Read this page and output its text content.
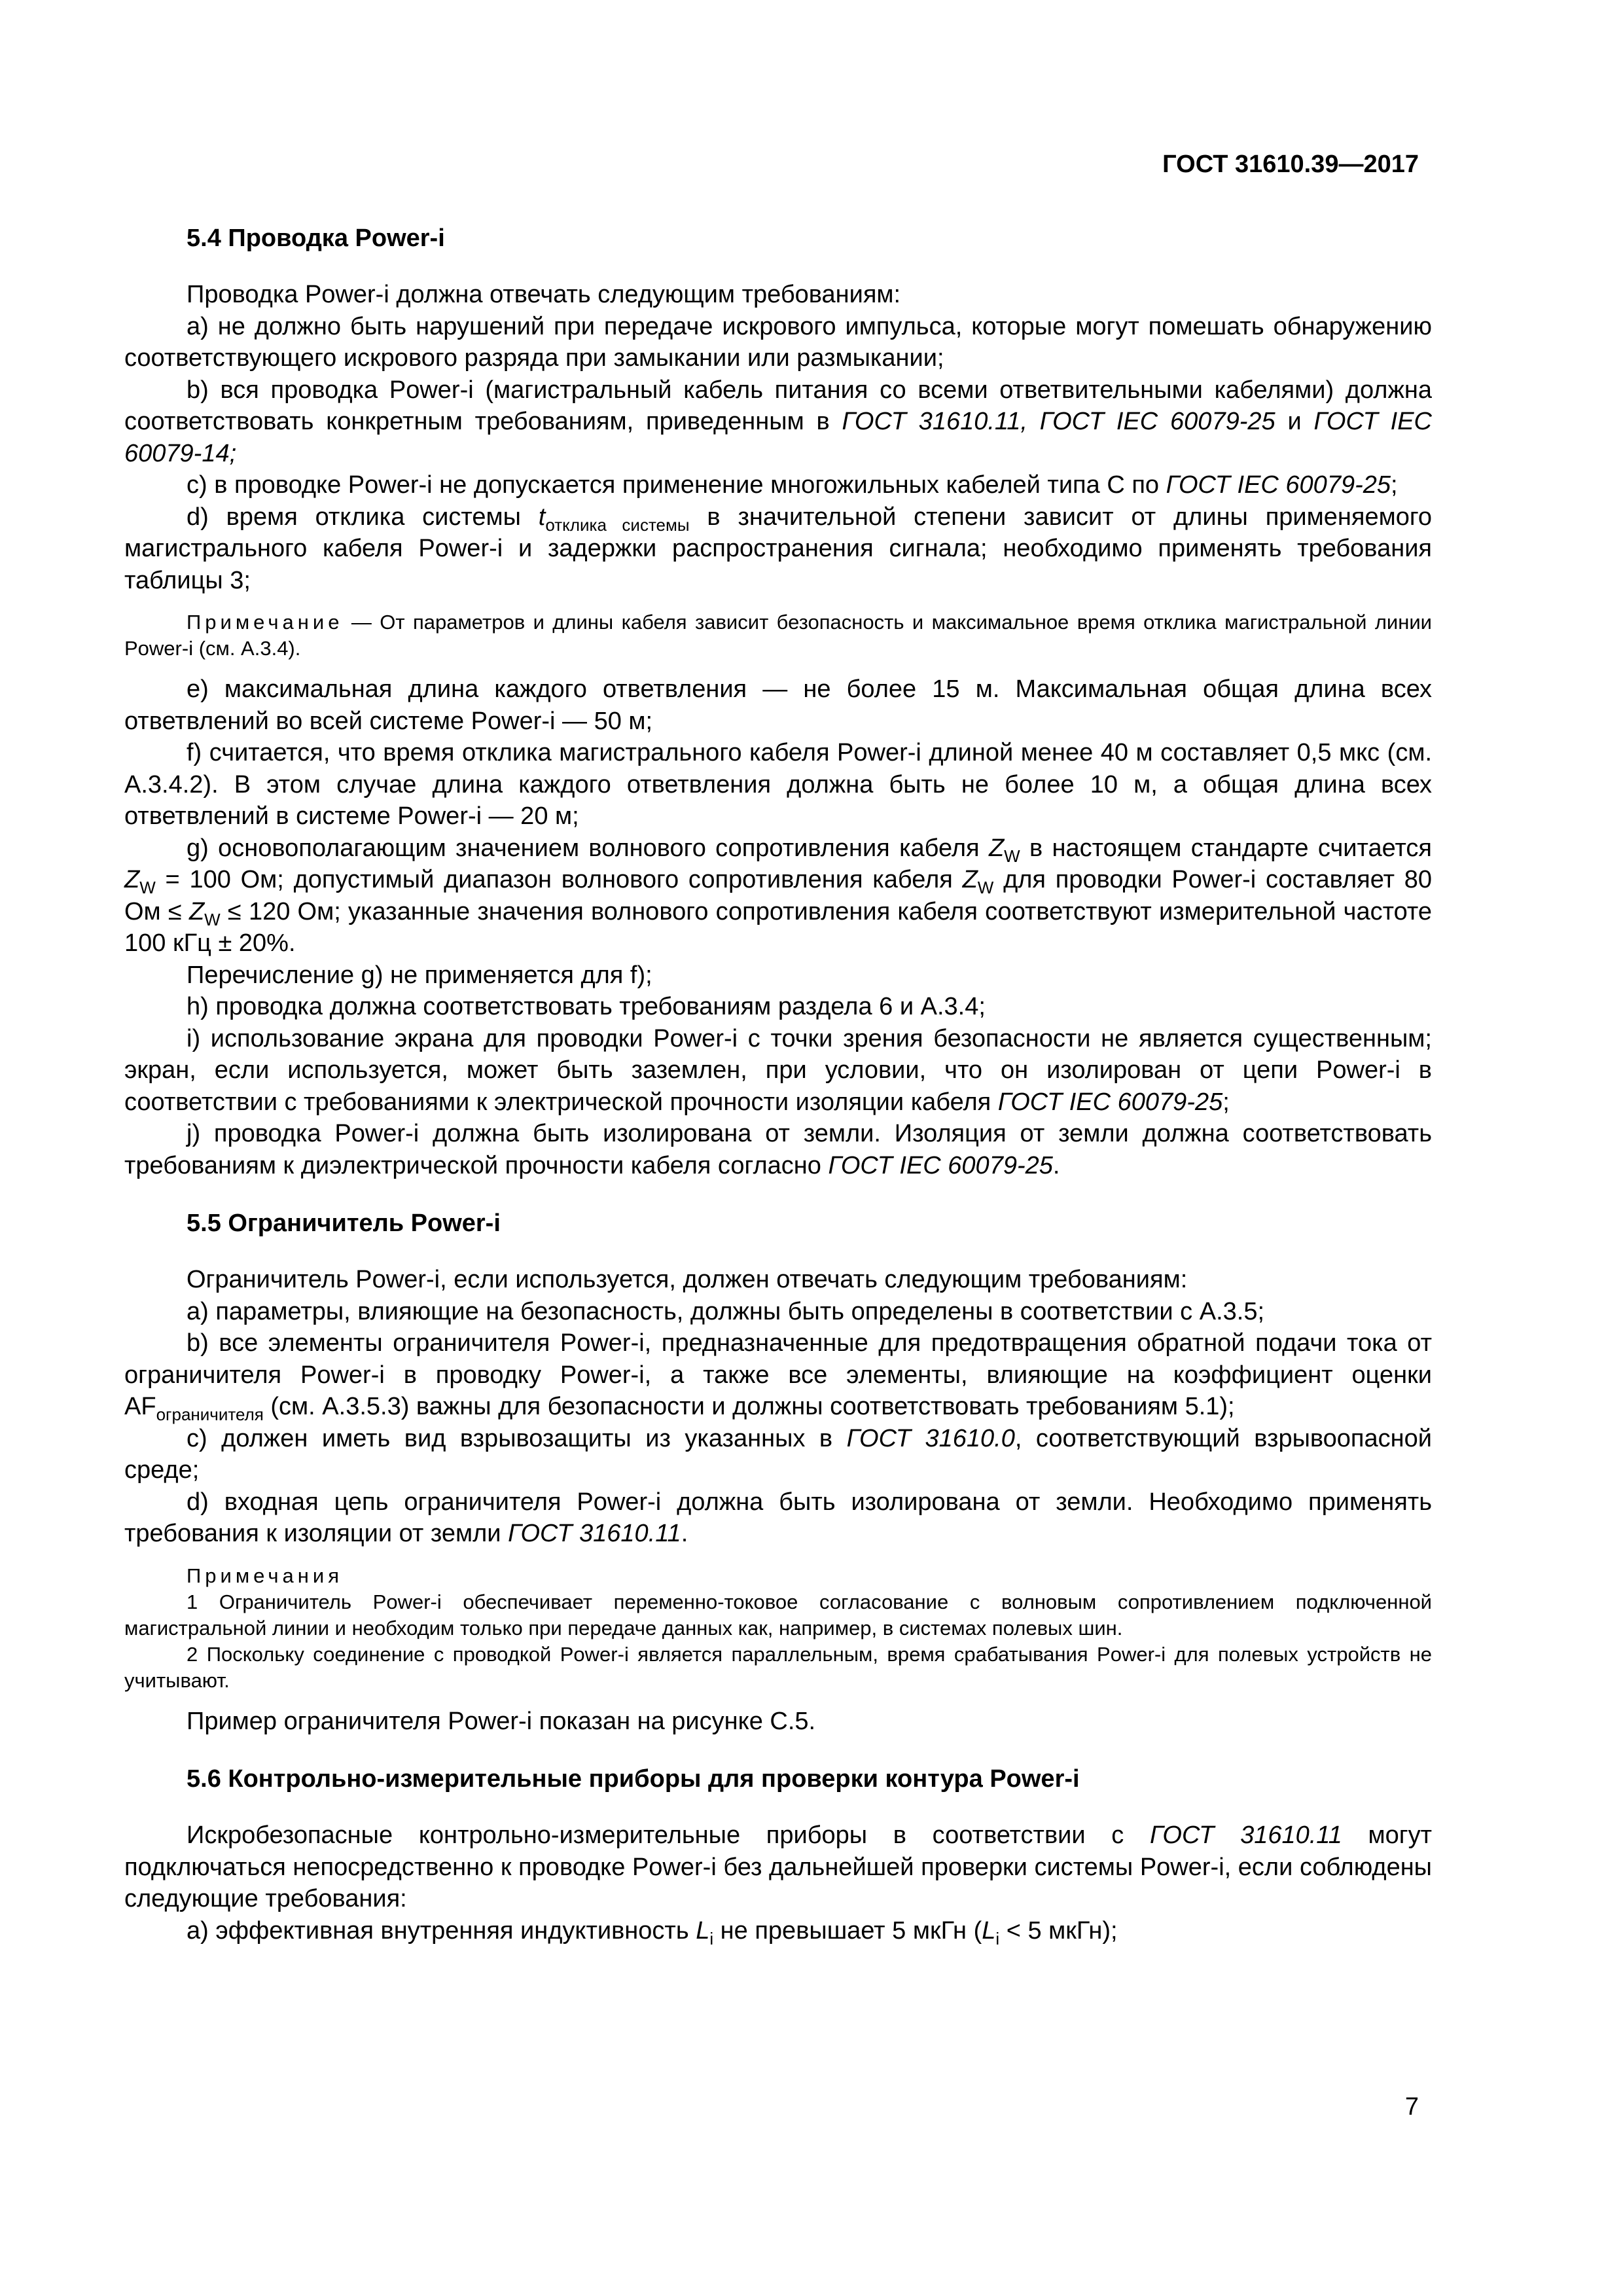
ГОСТ 31610.39—2017
5.4 Проводка Power-i

Проводка Power-i должна отвечать следующим требованиям:

а) не должно быть нарушений при передаче искрового импульса, которые могут помешать обнаружению соответствующего искрового разряда при замыкании или размыкании;

b) вся проводка Power-i (магистральный кабель питания со всеми ответвительными кабелями) должна соответствовать конкретным требованиям, приведенным в ГОСТ 31610.11, ГОСТ IEC 60079-25 и ГОСТ IEC 60079-14;

c) в проводке Power-i не допускается применение многожильных кабелей типа С по ГОСТ IEC 60079-25;

d) время отклика системы $t_{отклика системы}$ в значительной степени зависит от длины применяемого магистрального кабеля Power-i и задержки распространения сигнала; необходимо применять требования таблицы 3;

Примечание — От параметров и длины кабеля зависит безопасность и максимальное время отклика магистральной линии Power-i (см. А.3.4).

e) максимальная длина каждого ответвления — не более 15 м. Максимальная общая длина всех ответвлений во всей системе Power-i — 50 м;

f) считается, что время отклика магистрального кабеля Power-i длиной менее 40 м составляет 0,5 мкс (см. А.3.4.2). В этом случае длина каждого ответвления должна быть не более 10 м, а общая длина всех ответвлений в системе Power-i — 20 м;

g) основополагающим значением волнового сопротивления кабеля $Z_W$ в настоящем стандарте считается $Z_W = 100$ Ом; допустимый диапазон волнового сопротивления кабеля $Z_W$ для проводки Power-i составляет 80 Ом ≤ $Z_W \le 120$ Ом; указанные значения волнового сопротивления кабеля соответствуют измерительной частоте 100 кГц ± 20%.

Перечисление g) не применяется для f);

h) проводка должна соответствовать требованиям раздела 6 и А.3.4;

i) использование экрана для проводки Power-i с точки зрения безопасности не является существенным; экран, если используется, может быть заземлен, при условии, что он изолирован от цепи Power-i в соответствии с требованиями к электрической прочности изоляции кабеля ГОСТ IEC 60079-25;

j) проводка Power-i должна быть изолирована от земли. Изоляция от земли должна соответствовать требованиям к диэлектрической прочности кабеля согласно ГОСТ IEC 60079-25.

5.5 Ограничитель Power-i

Ограничитель Power-i, если используется, должен отвечать следующим требованиям:

а) параметры, влияющие на безопасность, должны быть определены в соответствии с А.3.5;

b) все элементы ограничителя Power-i, предназначенные для предотвращения обратной подачи тока от ограничителя Power-i в проводку Power-i, а также все элементы, влияющие на коэффициент оценки $AF_{ограничителя}$ (см. А.3.5.3) важны для безопасности и должны соответствовать требованиям 5.1);

c) должен иметь вид взрывозащиты из указанных в ГОСТ 31610.0, соответствующий взрывоопасной среде;

d) входная цепь ограничителя Power-i должна быть изолирована от земли. Необходимо применять требования к изоляции от земли ГОСТ 31610.11.

Примечания

1 Ограничитель Power-i обеспечивает переменно-токовое согласование с волновым сопротивлением подключенной магистральной линии и необходим только при передаче данных как, например, в системах полевых шин.

2 Поскольку соединение с проводкой Power-i является параллельным, время срабатывания Power-i для полевых устройств не учитывают.

Пример ограничителя Power-i показан на рисунке С.5.

5.6 Контрольно-измерительные приборы для проверки контура Power-i

Искробезопасные контрольно-измерительные приборы в соответствии с ГОСТ 31610.11 могут подключаться непосредственно к проводке Power-i без дальнейшей проверки системы Power-i, если соблюдены следующие требования:

а) эффективная внутренняя индуктивность $L_i$ не превышает 5 мкГн ($L_i < 5$ мкГн);

7
